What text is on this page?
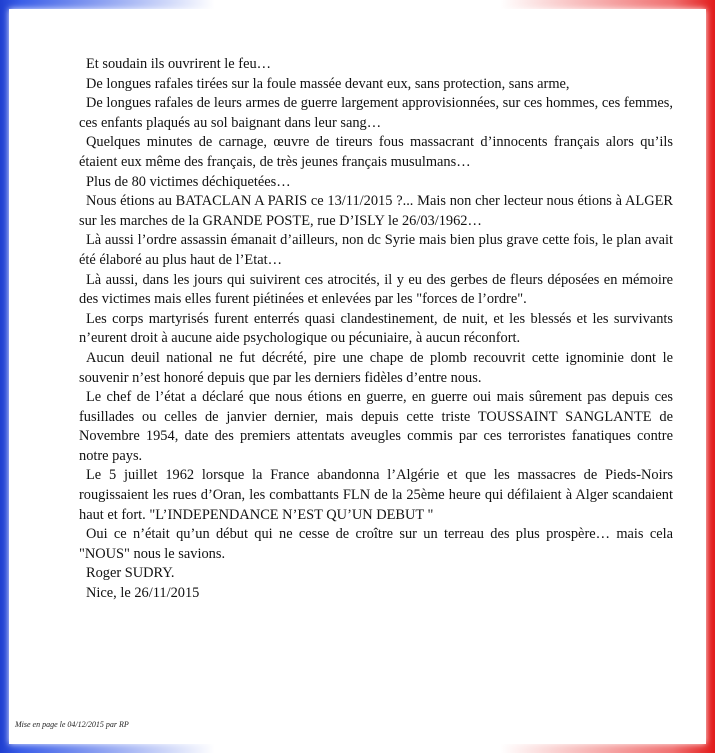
Et soudain ils ouvrirent le feu…

De longues rafales tirées sur la foule massée devant eux, sans protection, sans arme,

De longues rafales de leurs armes de guerre largement approvisionnées, sur ces hommes, ces femmes, ces enfants plaqués au sol baignant dans leur sang…

Quelques minutes de carnage, œuvre de tireurs fous massacrant d’innocents français alors qu’ils étaient eux même des français, de très jeunes français musulmans…

Plus de 80 victimes déchiquetées…

Nous étions au BATACLAN A PARIS ce 13/11/2015 ?... Mais non cher lecteur nous étions à ALGER sur les marches de la GRANDE POSTE, rue D’ISLY le 26/03/1962…

Là aussi l’ordre assassin émanait d’ailleurs, non dc Syrie mais bien plus grave cette fois, le plan avait été élaboré au plus haut de l’Etat…

Là aussi, dans les jours qui suivirent ces atrocités, il y eu des gerbes de fleurs déposées en mémoire des victimes mais elles furent piétinées et enlevées par les "forces de l’ordre".

Les corps martyrisés furent enterrés quasi clandestinement, de nuit, et les blessés et les survivants n’eurent droit à aucune aide psychologique ou pécuniaire, à aucun réconfort.

Aucun deuil national ne fut décrété, pire une chape de plomb recouvrit cette ignominie dont le souvenir n’est honoré depuis que par les derniers fidèles d’entre nous.

Le chef de l’état a déclaré que nous étions en guerre, en guerre oui mais sûrement pas depuis ces fusillades ou celles de janvier dernier, mais depuis cette triste TOUSSAINT SANGLANTE de Novembre 1954, date des premiers attentats aveugles commis par ces terroristes fanatiques contre notre pays.

Le 5 juillet 1962 lorsque la France abandonna l’Algérie et que les massacres de Pieds-Noirs rougissaient les rues d’Oran, les combattants FLN de la 25ème heure qui défilaient à Alger scandaient haut et fort. "L’INDEPENDANCE N’EST QU’UN DEBUT "

Oui ce n’était qu’un début qui ne cesse de croître sur un terreau des plus prospère… mais cela "NOUS" nous le savions.

Roger SUDRY.

Nice, le 26/11/2015

Mise en page le 04/12/2015 par RP
